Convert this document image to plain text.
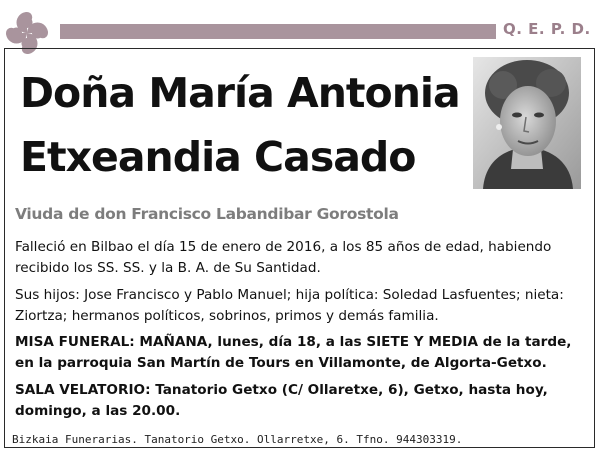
Q. E. P. D.
Doña María Antonia
Etxeandia Casado
Viuda de don Francisco Labandibar Gorostola
Falleció en Bilbao el día 15 de enero de 2016, a los 85 años de edad, habiendo recibido los SS. SS. y la B. A. de Su Santidad.
Sus hijos: Jose Francisco y Pablo Manuel; hija política: Soledad Lasfuentes; nieta: Ziortza; hermanos políticos, sobrinos, primos y demás familia.
MISA FUNERAL: MAÑANA, lunes, día 18, a las SIETE Y MEDIA de la tarde, en la parroquia San Martín de Tours en Villamonte, de Algorta-Getxo.
SALA VELATORIO: Tanatorio Getxo (C/ Ollaretxe, 6), Getxo, hasta hoy, domingo, a las 20.00.
Bizkaia Funerarias. Tanatorio Getxo. Ollarretxe, 6. Tfno. 944303319.
